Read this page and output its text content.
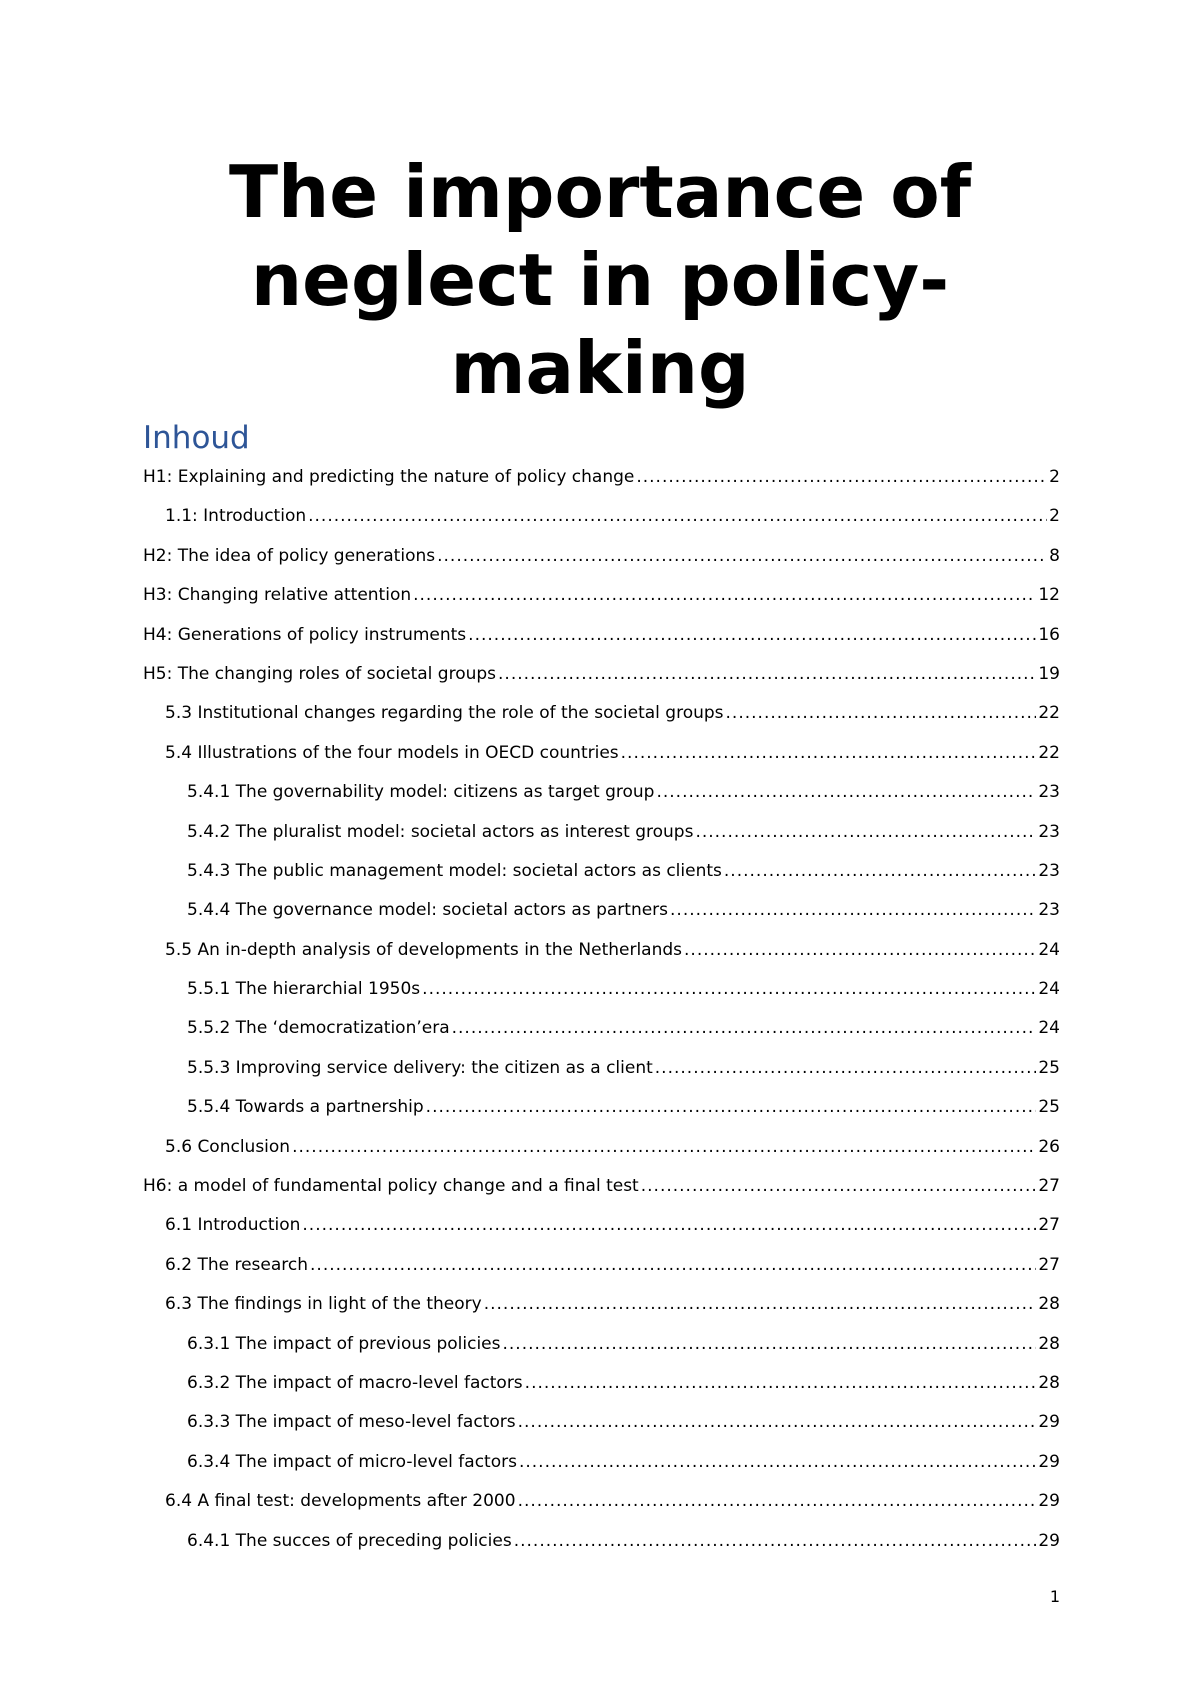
The importance of
neglect in policy-
making
Inhoud
H1: Explaining and predicting the nature of policy change .....	2
1.1: Introduction .....	2
H2: The idea of policy generations .....	8
H3: Changing relative attention .....	12
H4: Generations of policy instruments .....	16
H5: The changing roles of societal groups .....	19
5.3 Institutional changes regarding the role of the societal groups .....	22
5.4 Illustrations of the four models in OECD countries .....	22
5.4.1 The governability model: citizens as target group .....	23
5.4.2 The pluralist model: societal actors as interest groups .....	23
5.4.3 The public management model: societal actors as clients .....	23
5.4.4 The governance model: societal actors as partners .....	23
5.5 An in-depth analysis of developments in the Netherlands .....	24
5.5.1 The hierarchial 1950s .....	24
5.5.2 The ‘democratization’era .....	24
5.5.3 Improving service delivery: the citizen as a client .....	25
5.5.4 Towards a partnership .....	25
5.6 Conclusion .....	26
H6: a model of fundamental policy change and a final test .....	27
6.1 Introduction .....	27
6.2 The research .....	27
6.3 The findings in light of the theory .....	28
6.3.1 The impact of previous policies .....	28
6.3.2 The impact of macro-level factors .....	28
6.3.3 The impact of meso-level factors .....	29
6.3.4 The impact of micro-level factors .....	29
6.4 A final test: developments after 2000 .....	29
6.4.1 The succes of preceding policies .....	29
1
